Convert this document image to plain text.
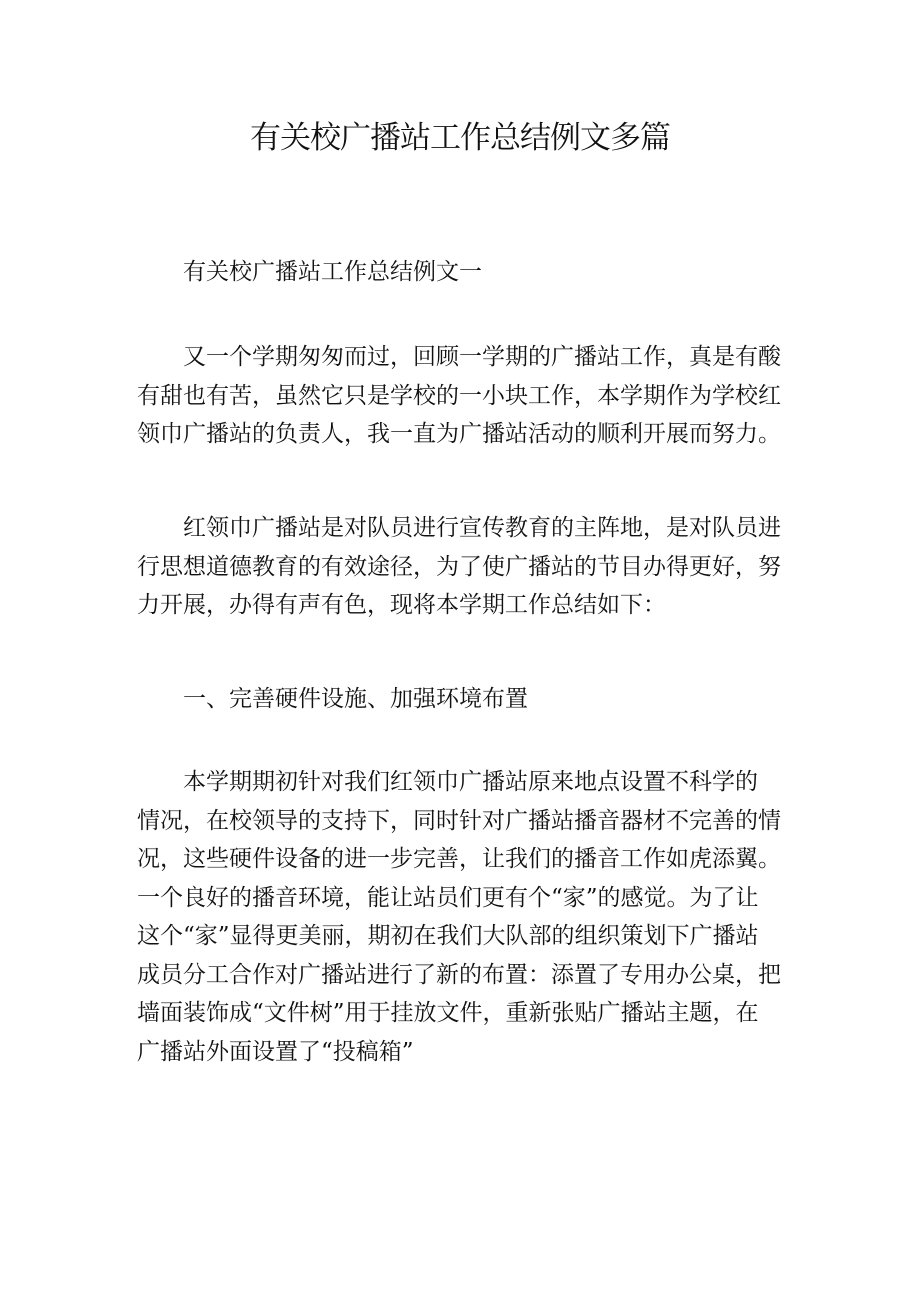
有关校广播站工作总结例文多篇
有关校广播站工作总结例文一
又一个学期匆匆而过，回顾一学期的广播站工作，真是有酸
有甜也有苦，虽然它只是学校的一小块工作，本学期作为学校红
领巾广播站的负责人，我一直为广播站活动的顺利开展而努力。
红领巾广播站是对队员进行宣传教育的主阵地，是对队员进
行思想道德教育的有效途径，为了使广播站的节目办得更好，努
力开展，办得有声有色，现将本学期工作总结如下：
一、完善硬件设施、加强环境布置
本学期期初针对我们红领巾广播站原来地点设置不科学的
情况，在校领导的支持下，同时针对广播站播音器材不完善的情
况，这些硬件设备的进一步完善，让我们的播音工作如虎添翼。
一个良好的播音环境，能让站员们更有个“家”的感觉。为了让
这个“家”显得更美丽，期初在我们大队部的组织策划下广播站
成员分工合作对广播站进行了新的布置：添置了专用办公桌，把
墙面装饰成“文件树”用于挂放文件，重新张贴广播站主题，在
广播站外面设置了“投稿箱”
